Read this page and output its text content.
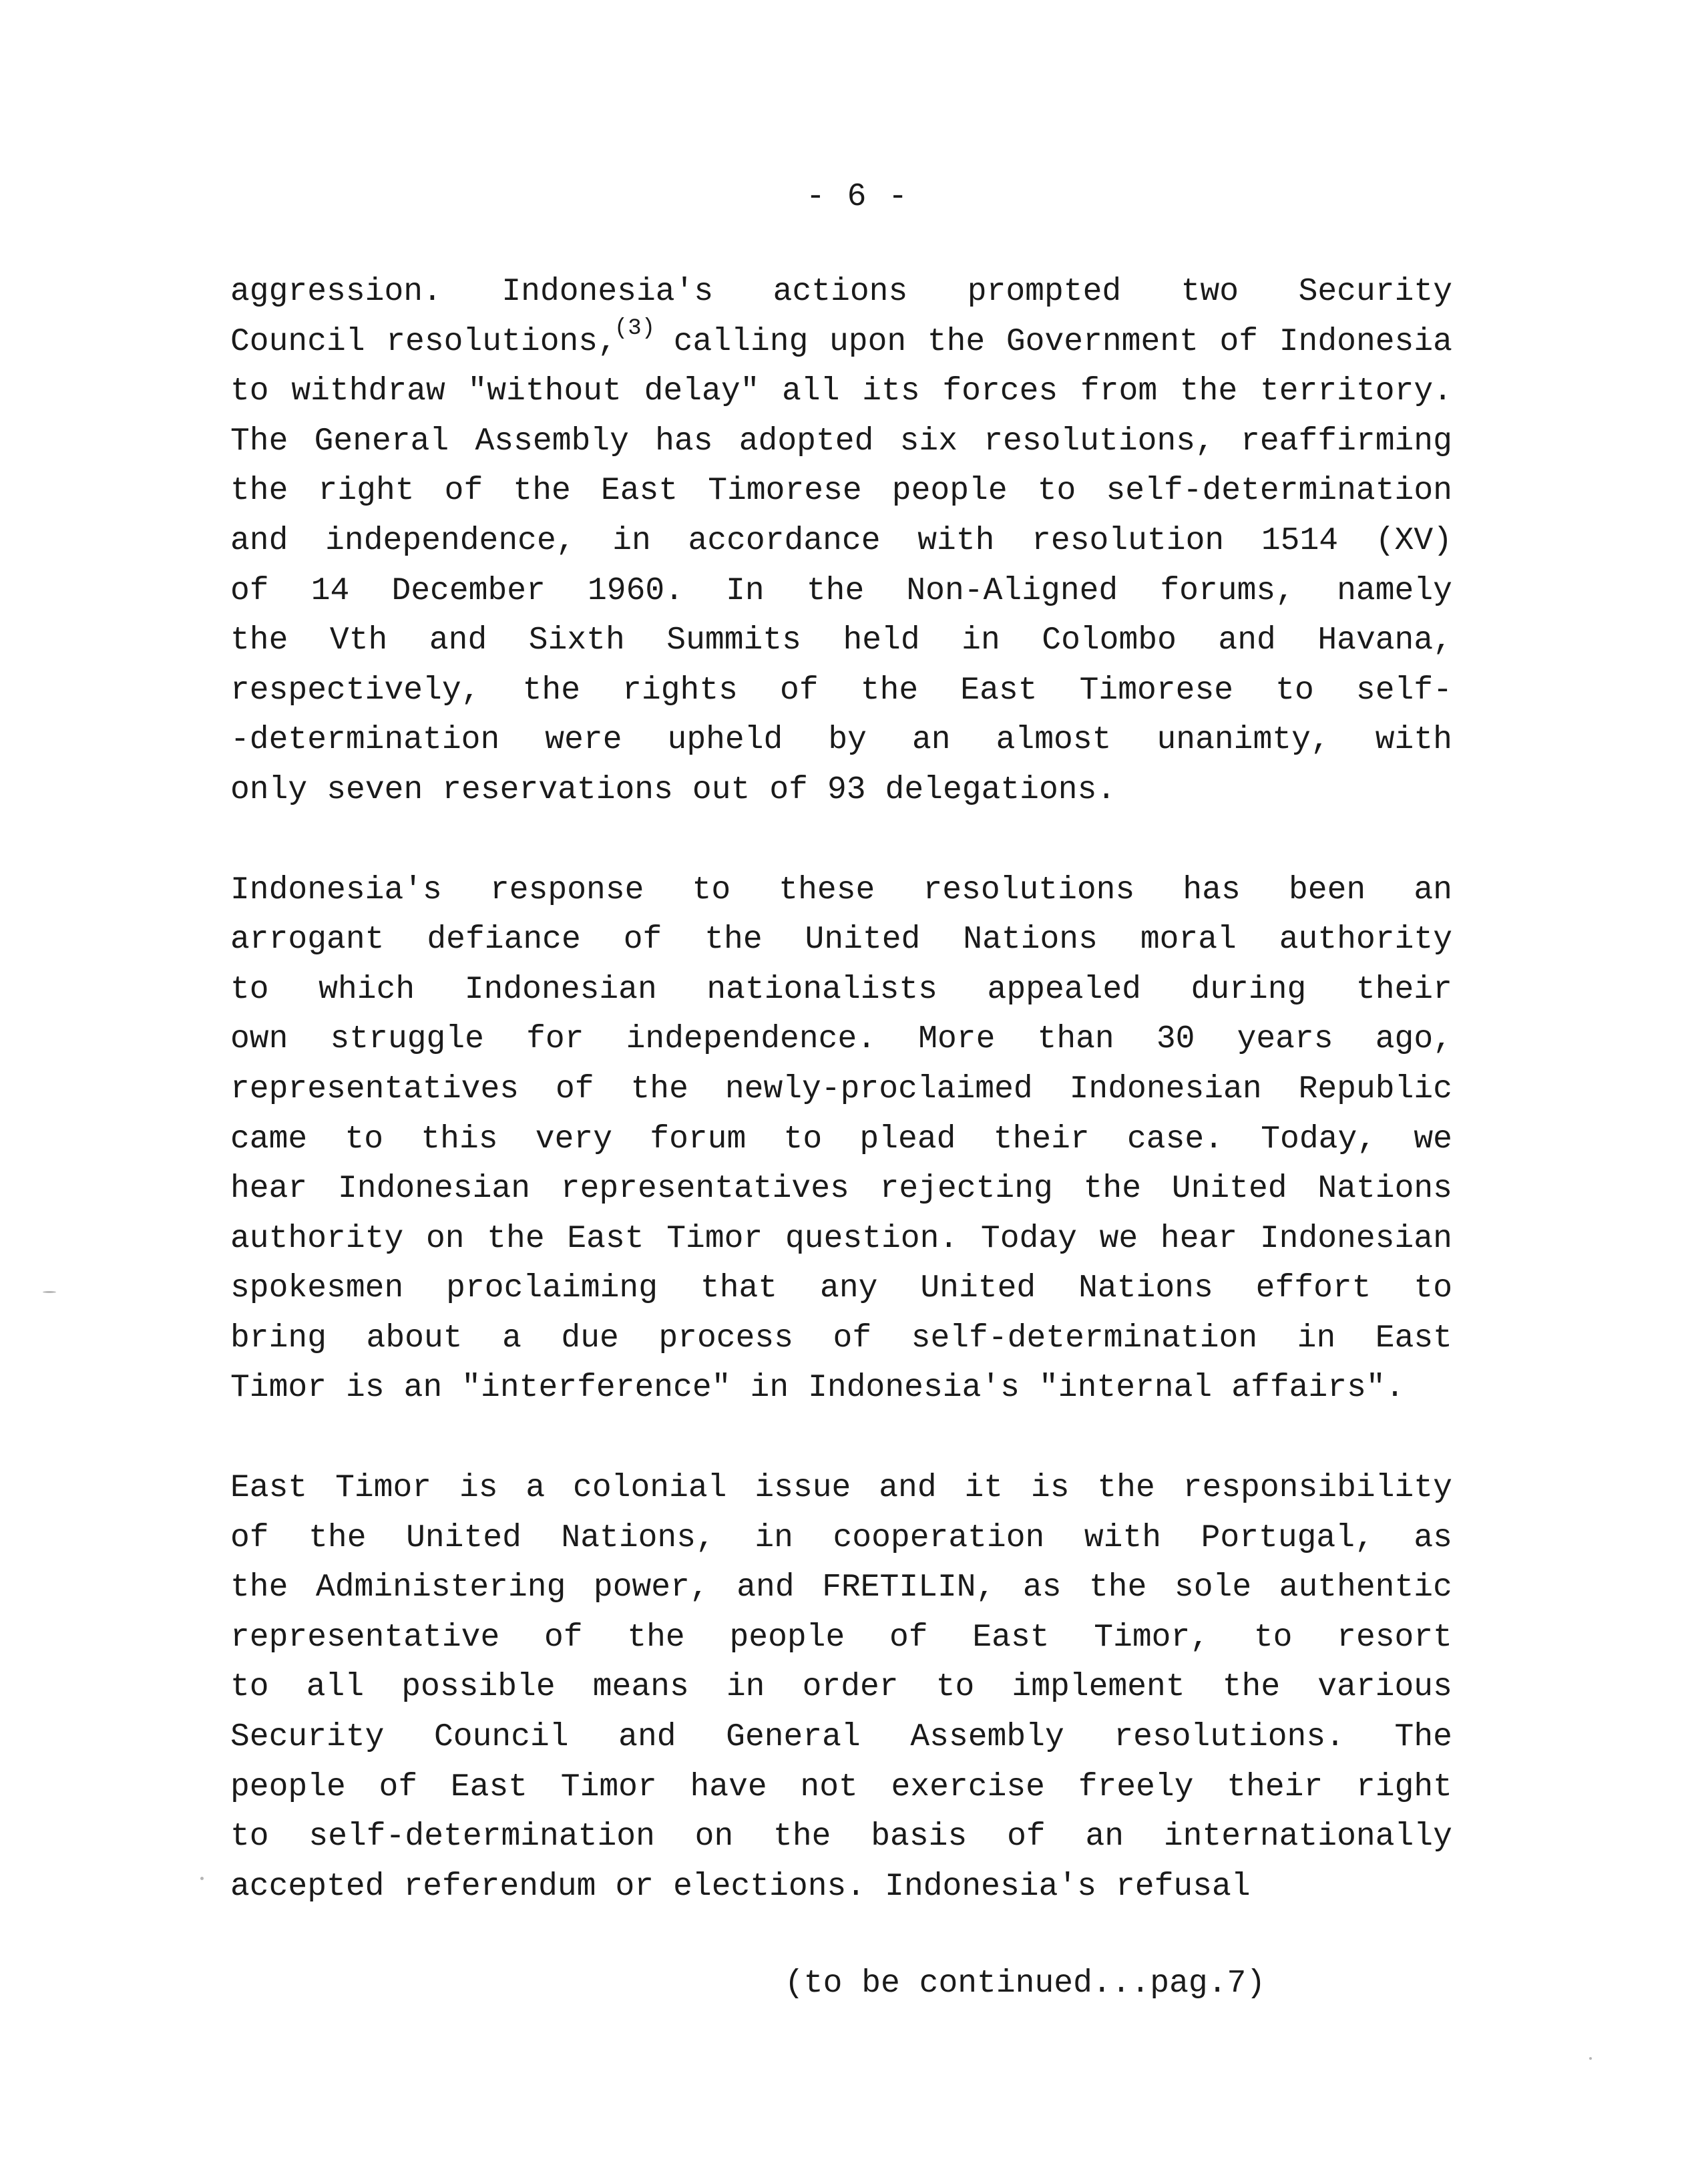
- 6 -
aggression. Indonesia's actions prompted two Security
Council resolutions,$^{(3)}$ calling upon the Government of Indonesia
to withdraw "without delay" all its forces from the territory.
The General Assembly has adopted six resolutions, reaffirming
the right of the East Timorese people to self-determination
and independence, in accordance with resolution 1514 (XV)
of 14 December 1960. In the Non-Aligned forums, namely
the Vth and Sixth Summits held in Colombo and Havana,
respectively, the rights of the East Timorese to self-
-determination were upheld by an almost unanimty, with
only seven reservations out of 93 delegations.
Indonesia's response to these resolutions has been an
arrogant defiance of the United Nations moral authority
to which Indonesian nationalists appealed during their
own struggle for independence. More than 30 years ago,
representatives of the newly-proclaimed Indonesian Republic
came to this very forum to plead their case. Today, we
hear Indonesian representatives rejecting the United Nations
authority on the East Timor question. Today we hear Indonesian
spokesmen proclaiming that any United Nations effort to
bring about a due process of self-determination in East
Timor is an "interference" in Indonesia's "internal affairs".
East Timor is a colonial issue and it is the responsibility
of the United Nations, in cooperation with Portugal, as
the Administering power, and FRETILIN, as the sole authentic
representative of the people of East Timor, to resort
to all possible means in order to implement the various
Security Council and General Assembly resolutions. The
people of East Timor have not exercise freely their right
to self-determination on the basis of an internationally
accepted referendum or elections. Indonesia's refusal
(to be continued...pag.7)
